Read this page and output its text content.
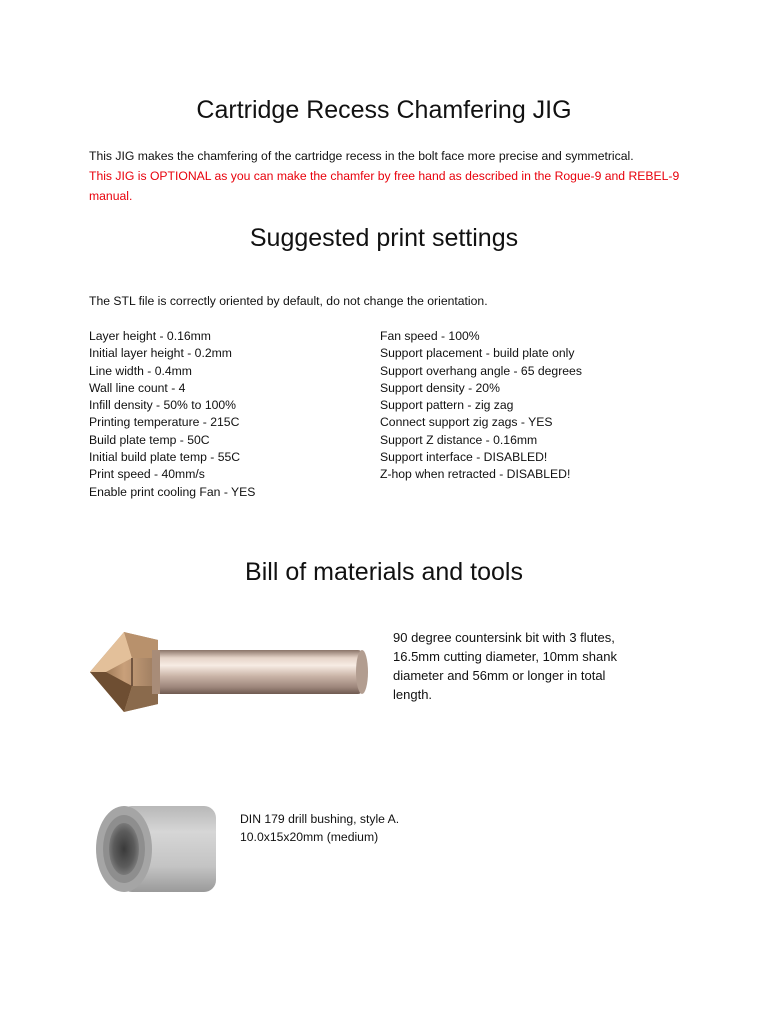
Cartridge Recess Chamfering JIG

This JIG makes the chamfering of the cartridge recess in the bolt face more precise and symmetrical.

This JIG is OPTIONAL as you can make the chamfer by free hand as described in the Rogue-9 and REBEL-9

manual.

Suggested print settings

The STL file is correctly oriented by default, do not change the orientation.

Layer height - 0.16mm
Initial layer height - 0.2mm
Line width - 0.4mm
Wall line count - 4
Infill density - 50% to 100%
Printing temperature - 215C
Build plate temp - 50C
Initial build plate temp - 55C
Print speed - 40mm/s
Enable print cooling Fan - YES
Fan speed - 100%
Support placement - build plate only
Support overhang angle - 65 degrees
Support density - 20%
Support pattern - zig zag
Connect support zig zags - YES
Support Z distance - 0.16mm
Support interface - DISABLED!
Z-hop when retracted - DISABLED!
Bill of materials and tools

90 degree countersink bit with 3 flutes,
16.5mm cutting diameter, 10mm shank
diameter and 56mm or longer in total
length.

DIN 179 drill bushing, style A.
10.0x15x20mm (medium)
